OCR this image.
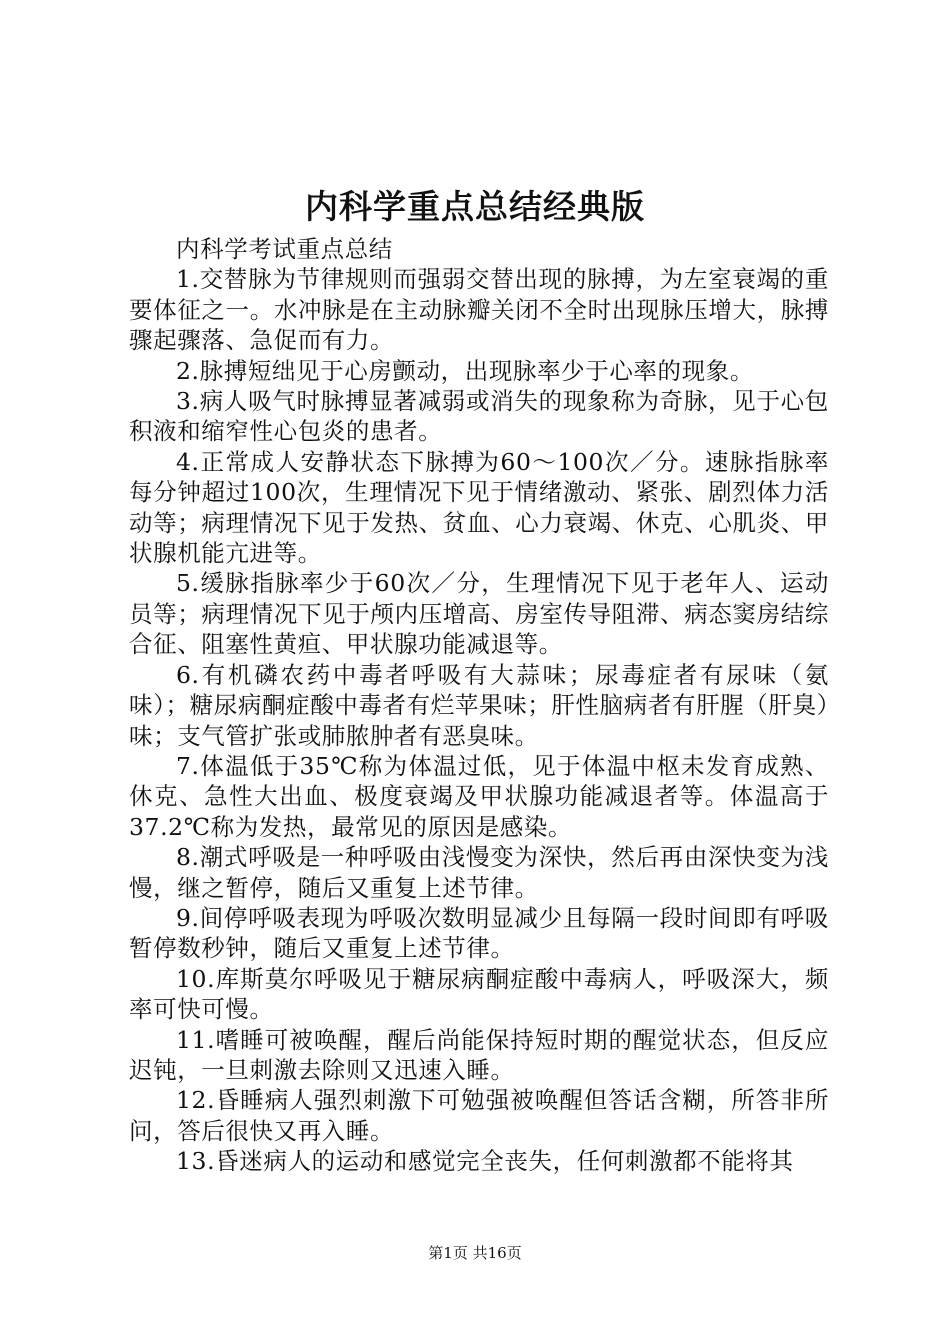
内科学重点总结经典版

内科学考试重点总结

1.交替脉为节律规则而强弱交替出现的脉搏，为左室衰竭的重要体征之一。水冲脉是在主动脉瓣关闭不全时出现脉压增大，脉搏骤起骤落、急促而有力。

2.脉搏短绌见于心房颤动，出现脉率少于心率的现象。

3.病人吸气时脉搏显著减弱或消失的现象称为奇脉，见于心包积液和缩窄性心包炎的患者。

4.正常成人安静状态下脉搏为60～100次／分。速脉指脉率每分钟超过100次，生理情况下见于情绪激动、紧张、剧烈体力活动等；病理情况下见于发热、贫血、心力衰竭、休克、心肌炎、甲状腺机能亢进等。

5.缓脉指脉率少于60次／分，生理情况下见于老年人、运动员等；病理情况下见于颅内压增高、房室传导阻滞、病态窦房结综合征、阻塞性黄疸、甲状腺功能减退等。

6.有机磷农药中毒者呼吸有大蒜味；尿毒症者有尿味（氨味）；糖尿病酮症酸中毒者有烂苹果味；肝性脑病者有肝腥（肝臭）味；支气管扩张或肺脓肿者有恶臭味。

7.体温低于35℃称为体温过低，见于体温中枢未发育成熟、休克、急性大出血、极度衰竭及甲状腺功能减退者等。体温高于37.2℃称为发热，最常见的原因是感染。

8.潮式呼吸是一种呼吸由浅慢变为深快，然后再由深快变为浅慢，继之暂停，随后又重复上述节律。

9.间停呼吸表现为呼吸次数明显减少且每隔一段时间即有呼吸暂停数秒钟，随后又重复上述节律。

10.库斯莫尔呼吸见于糖尿病酮症酸中毒病人，呼吸深大，频率可快可慢。

11.嗜睡可被唤醒，醒后尚能保持短时期的醒觉状态，但反应迟钝，一旦刺激去除则又迅速入睡。

12.昏睡病人强烈刺激下可勉强被唤醒但答话含糊，所答非所问，答后很快又再入睡。

13.昏迷病人的运动和感觉完全丧失，任何刺激都不能将其

第1页 共16页
